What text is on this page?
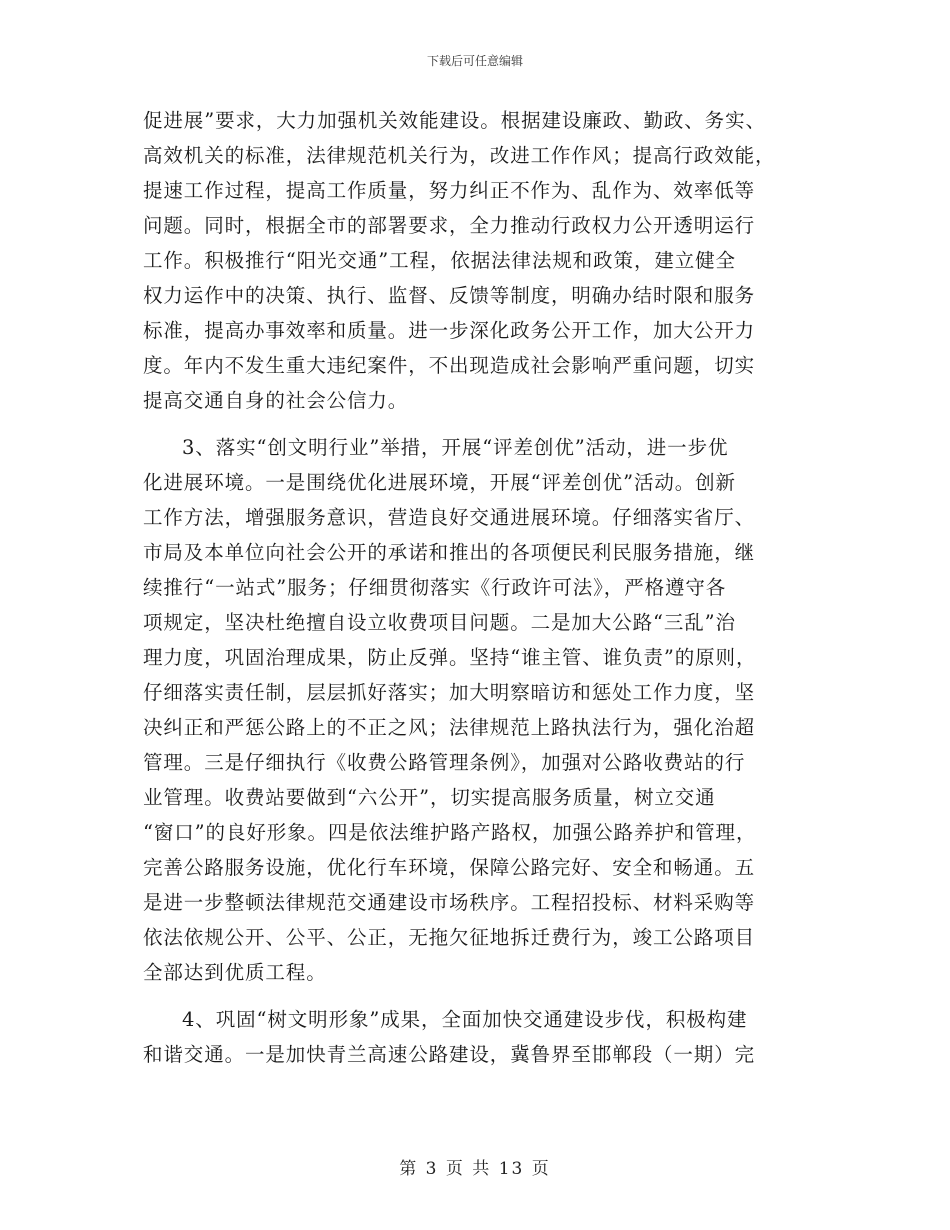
下载后可任意编辑
促进展”要求，大力加强机关效能建设。根据建设廉政、勤政、务实、
高效机关的标准，法律规范机关行为，改进工作作风；提高行政效能，
提速工作过程，提高工作质量，努力纠正不作为、乱作为、效率低等
问题。同时，根据全市的部署要求，全力推动行政权力公开透明运行
工作。积极推行“阳光交通”工程，依据法律法规和政策，建立健全
权力运作中的决策、执行、监督、反馈等制度，明确办结时限和服务
标准，提高办事效率和质量。进一步深化政务公开工作，加大公开力
度。年内不发生重大违纪案件，不出现造成社会影响严重问题，切实
提高交通自身的社会公信力。
3、落实“创文明行业”举措，开展“评差创优”活动，进一步优
化进展环境。一是围绕优化进展环境，开展“评差创优”活动。创新
工作方法，增强服务意识，营造良好交通进展环境。仔细落实省厅、
市局及本单位向社会公开的承诺和推出的各项便民利民服务措施，继
续推行“一站式”服务；仔细贯彻落实《行政许可法》，严格遵守各
项规定，坚决杜绝擅自设立收费项目问题。二是加大公路“三乱”治
理力度，巩固治理成果，防止反弹。坚持“谁主管、谁负责”的原则，
仔细落实责任制，层层抓好落实；加大明察暗访和惩处工作力度，坚
决纠正和严惩公路上的不正之风；法律规范上路执法行为，强化治超
管理。三是仔细执行《收费公路管理条例》，加强对公路收费站的行
业管理。收费站要做到“六公开”，切实提高服务质量，树立交通
“窗口”的良好形象。四是依法维护路产路权，加强公路养护和管理，
完善公路服务设施，优化行车环境，保障公路完好、安全和畅通。五
是进一步整顿法律规范交通建设市场秩序。工程招投标、材料采购等
依法依规公开、公平、公正，无拖欠征地拆迁费行为，竣工公路项目
全部达到优质工程。
4、巩固“树文明形象”成果，全面加快交通建设步伐，积极构建
和谐交通。一是加快青兰高速公路建设，冀鲁界至邯郸段（一期）完
第 3 页 共 13 页
